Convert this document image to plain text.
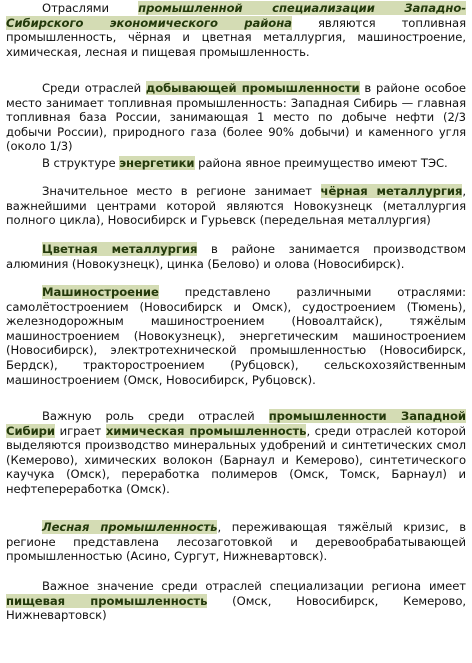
Отраслями промышленной специализации Западно-Сибирского экономического района являются топливная промышленность, чёрная и цветная металлургия, машиностроение, химическая, лесная и пищевая промышленность.

Среди отраслей добывающей промышленности в районе особое место занимает топливная промышленность: Западная Сибирь — главная топливная база России, занимающая 1 место по добыче нефти (2/3 добычи России), природного газа (более 90% добычи) и каменного угля (около 1/3)

В структуре энергетики района явное преимущество имеют ТЭС.

Значительное место в регионе занимает чёрная металлургия, важнейшими центрами которой являются Новокузнецк (металлургия полного цикла), Новосибирск и Гурьевск (передельная металлургия)

Цветная металлургия в районе занимается производством алюминия (Новокузнецк), цинка (Белово) и олова (Новосибирск).

Машиностроение представлено различными отраслями: самолётостроением (Новосибирск и Омск), судостроением (Тюмень), железнодорожным машиностроением (Новоалтайск), тяжёлым машиностроением (Новокузнецк), энергетическим машиностроением (Новосибирск), электротехнической промышленностью (Новосибирск, Бердск), тракторостроением (Рубцовск), сельскохозяйственным машиностроением (Омск, Новосибирск, Рубцовск).

Важную роль среди отраслей промышленности Западной Сибири играет химическая промышленность, среди отраслей которой выделяются производство минеральных удобрений и синтетических смол (Кемерово), химических волокон (Барнаул и Кемерово), синтетического каучука (Омск), переработка полимеров (Омск, Томск, Барнаул) и нефтепереработка (Омск).

Лесная промышленность, переживающая тяжёлый кризис, в регионе представлена лесозаготовкой и деревообрабатывающей промышленностью (Асино, Сургут, Нижневартовск).

Важное значение среди отраслей специализации региона имеет пищевая промышленность (Омск, Новосибирск, Кемерово, Нижневартовск)
